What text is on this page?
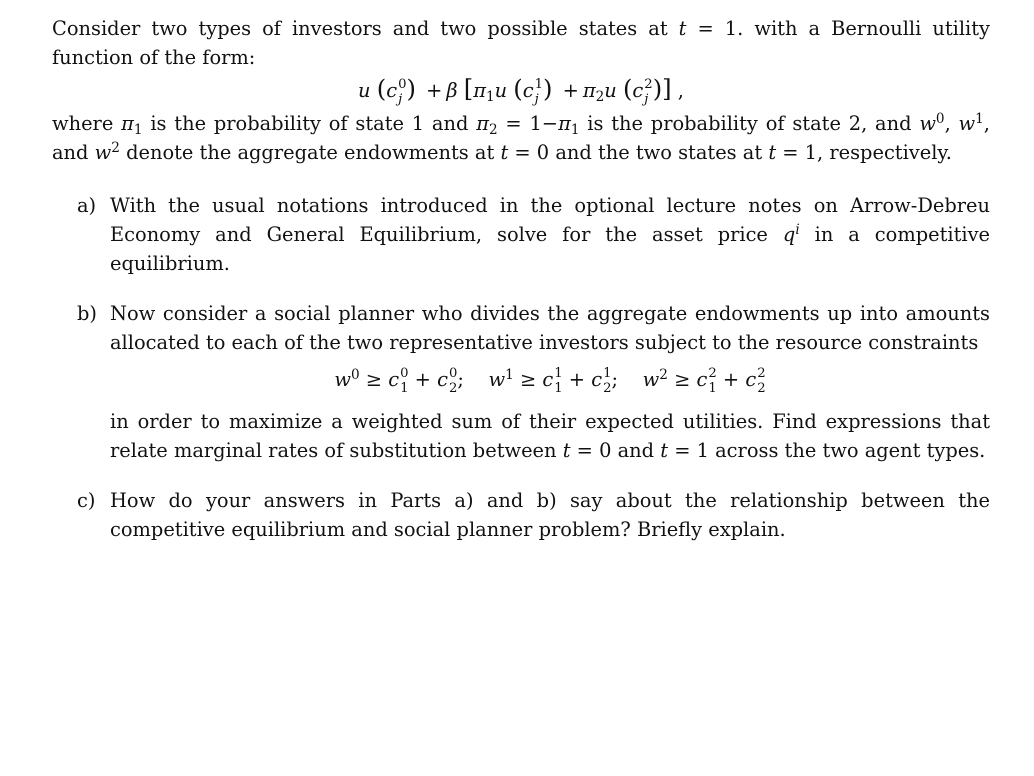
Consider two types of investors and two possible states at t = 1. with a Bernoulli utility function of the form:

u (c 0
j ) + β [$\pi_1u$ (c 1
j ) + $\pi_2u$ (c 2
j )] ,

where $\pi_1$ is the probability of state 1 and $\pi_2 = 1-\pi_1$ is the probability of state 2, and $w^0$, $w^1$, and $w^2$ denote the aggregate endowments at t = 0 and the two states at t = 1, respectively.

a) With the usual notations introduced in the optional lecture notes on Arrow-Debreu Economy and General Equilibrium, solve for the asset price $q^i$ in a competitive equilibrium.

b) Now consider a social planner who divides the aggregate endowments up into amounts allocated to each of the two representative investors subject to the resource constraints

$w^0 \ge c$ 0
1 + c 0
2 ;    $w^1 \ge c$ 1
1 + c 1
2 ;    $w^2 \ge c$ 2
1 + c 2
2

in order to maximize a weighted sum of their expected utilities. Find expressions that relate marginal rates of substitution between t = 0 and t = 1 across the two agent types.

c) How do your answers in Parts a) and b) say about the relationship between the competitive equilibrium and social planner problem? Briefly explain.
